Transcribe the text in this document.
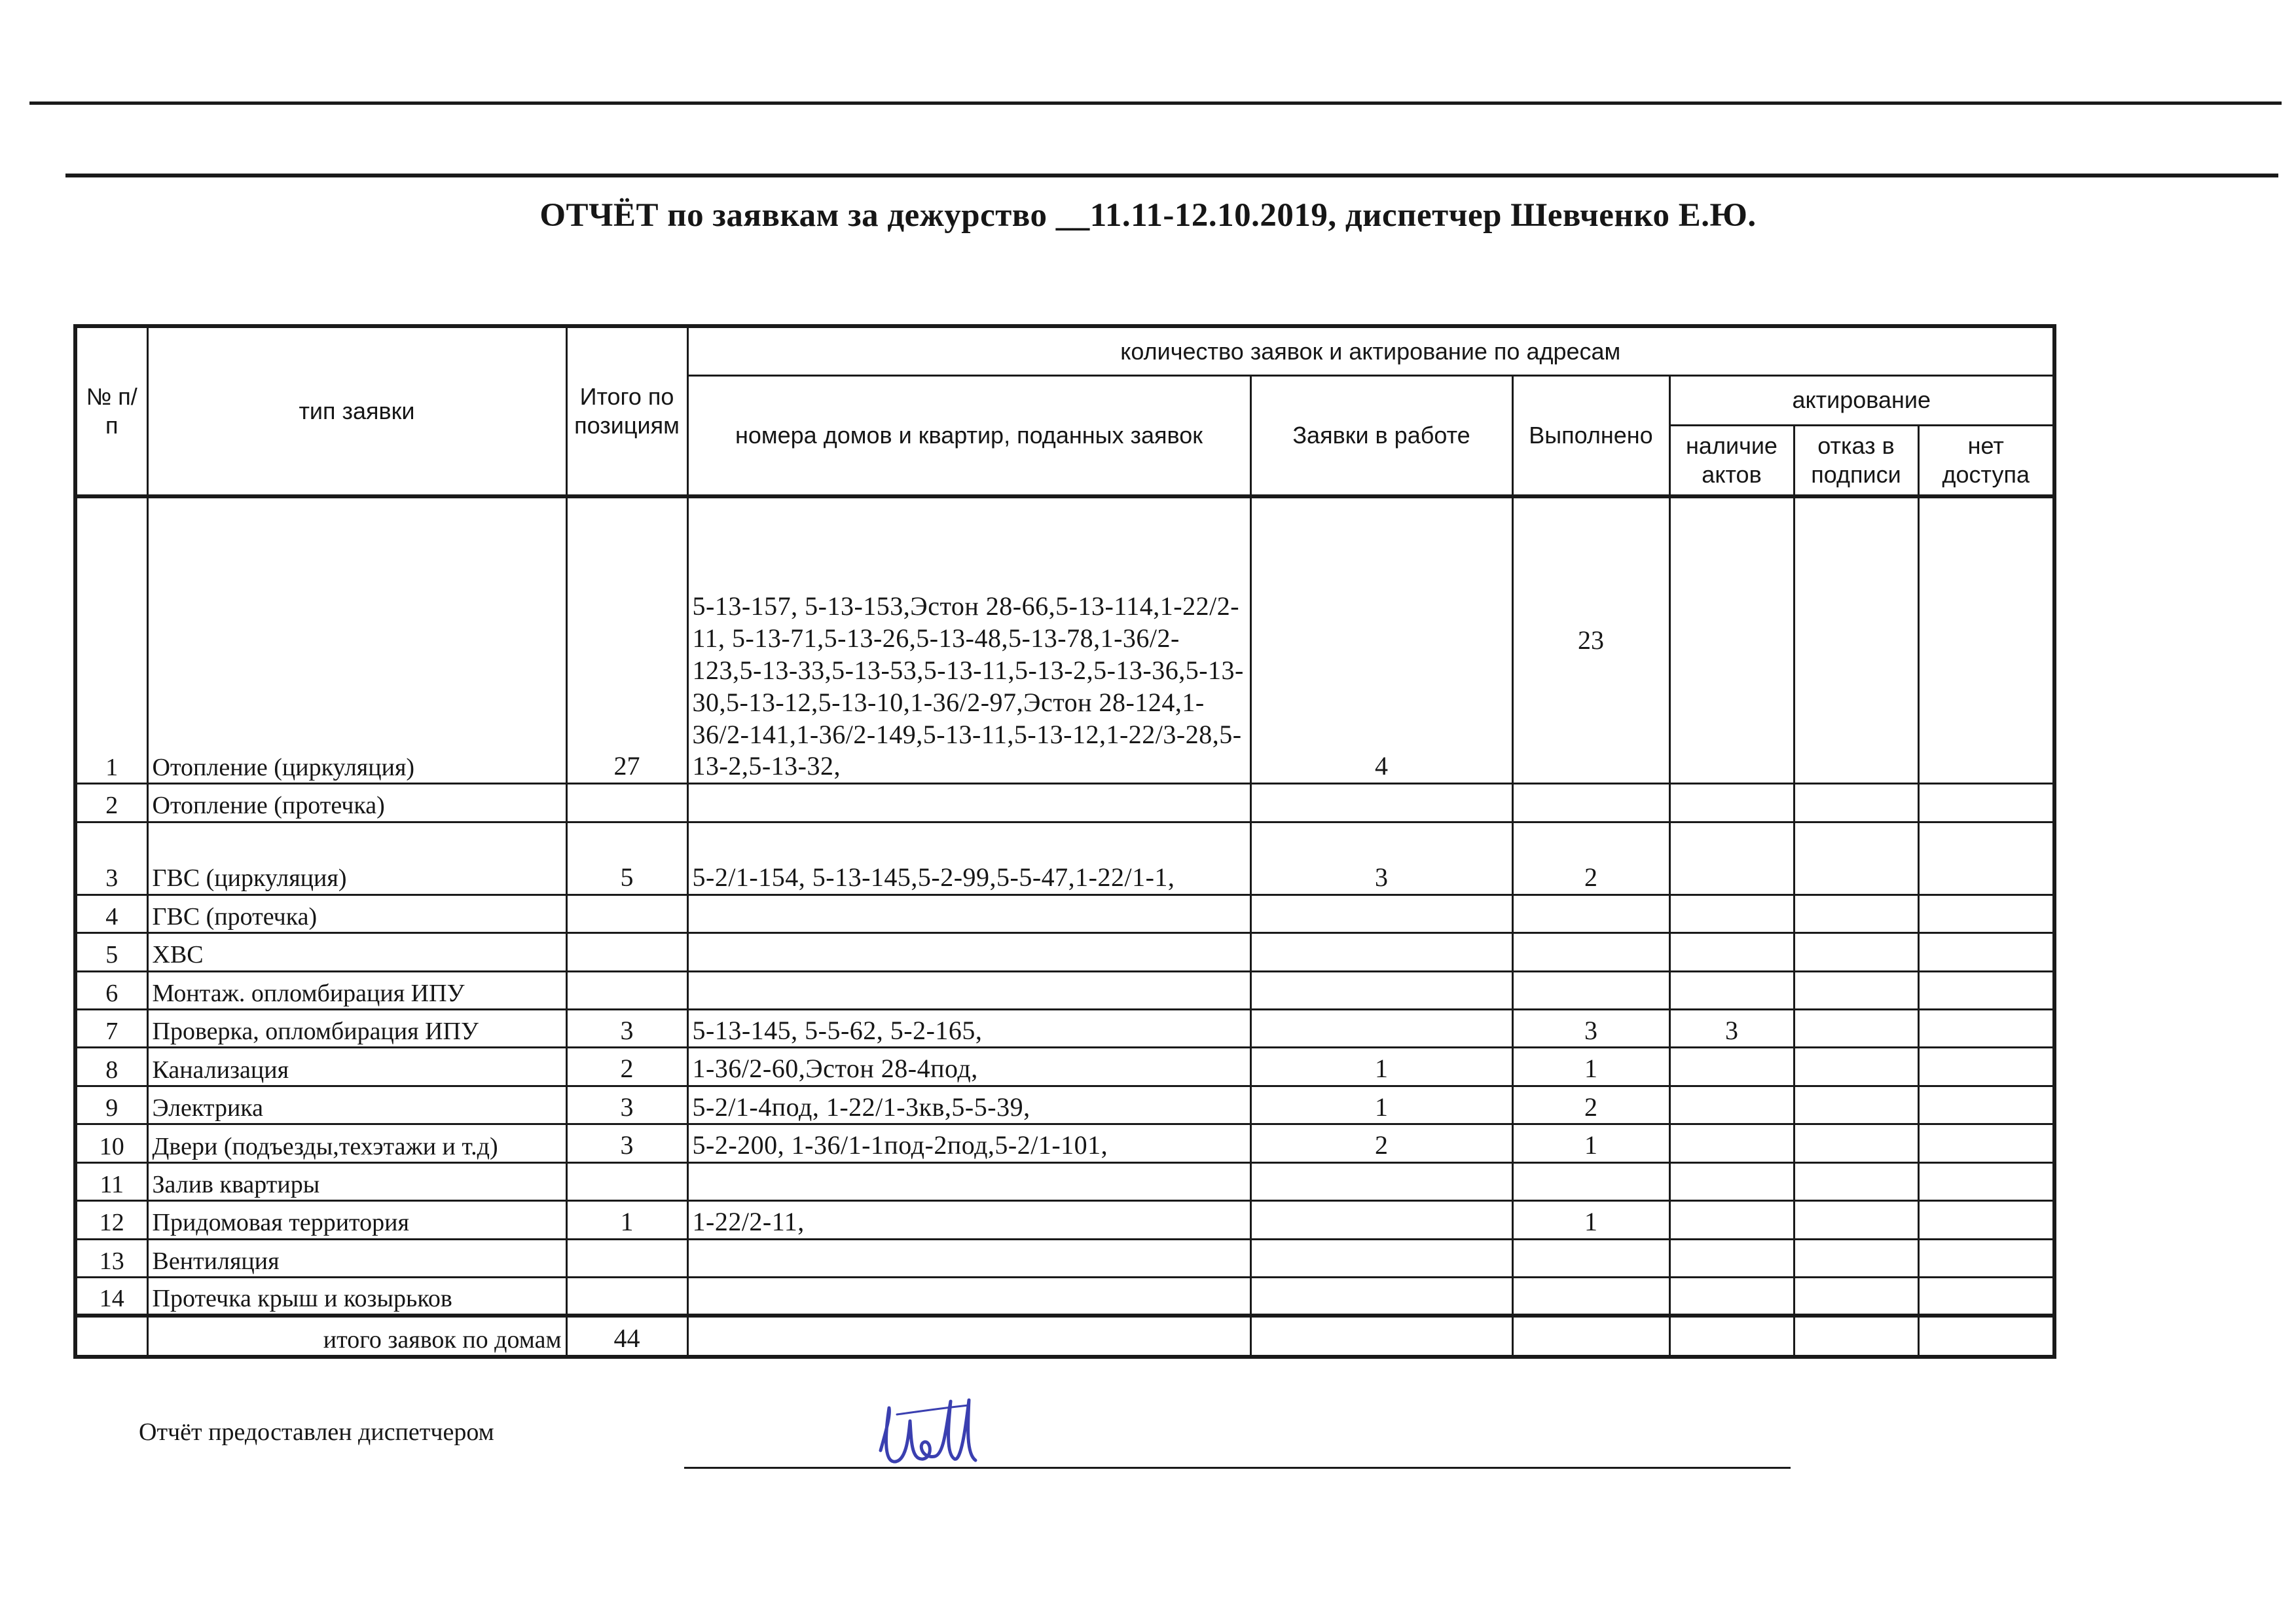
ОТЧЁТ по заявкам за дежурство __11.11-12.10.2019, диспетчер Шевченко Е.Ю.
№ п/п	тип заявки	Итого по позициям	количество заявок и актирование по адресам					
			номера домов и квартир, поданных заявок	Заявки в работе	Выполнено	актирование		
						наличие актов	отказ в подписи	нет доступа
1	Отопление (циркуляция)	27	5-13-157, 5-13-153,Эстон 28-66,5-13-114,1-22/2-11, 5-13-71,5-13-26,5-13-48,5-13-78,1-36/2-123,5-13-33,5-13-53,5-13-11,5-13-2,5-13-36,5-13-30,5-13-12,5-13-10,1-36/2-97,Эстон 28-124,1-36/2-141,1-36/2-149,5-13-11,5-13-12,1-22/3-28,5-13-2,5-13-32,	4	23			
2	Отопление (протечка)							
3	ГВС (циркуляция)	5	5-2/1-154, 5-13-145,5-2-99,5-5-47,1-22/1-1,	3	2			
4	ГВС (протечка)							
5	ХВС							
6	Монтаж. опломбирация ИПУ							
7	Проверка, опломбирация ИПУ	3	5-13-145, 5-5-62, 5-2-165,		3	3		
8	Канализация	2	1-36/2-60,Эстон 28-4под,	1	1			
9	Электрика	3	5-2/1-4под, 1-22/1-3кв,5-5-39,	1	2			
10	Двери (подъезды,техэтажи и т.д)	3	5-2-200, 1-36/1-1под-2под,5-2/1-101,	2	1			
11	Залив квартиры							
12	Придомовая территория	1	1-22/2-11,		1			
13	Вентиляция							
14	Протечка крыш и козырьков							
	итого заявок по домам	44						
Отчёт предоставлен диспетчером
